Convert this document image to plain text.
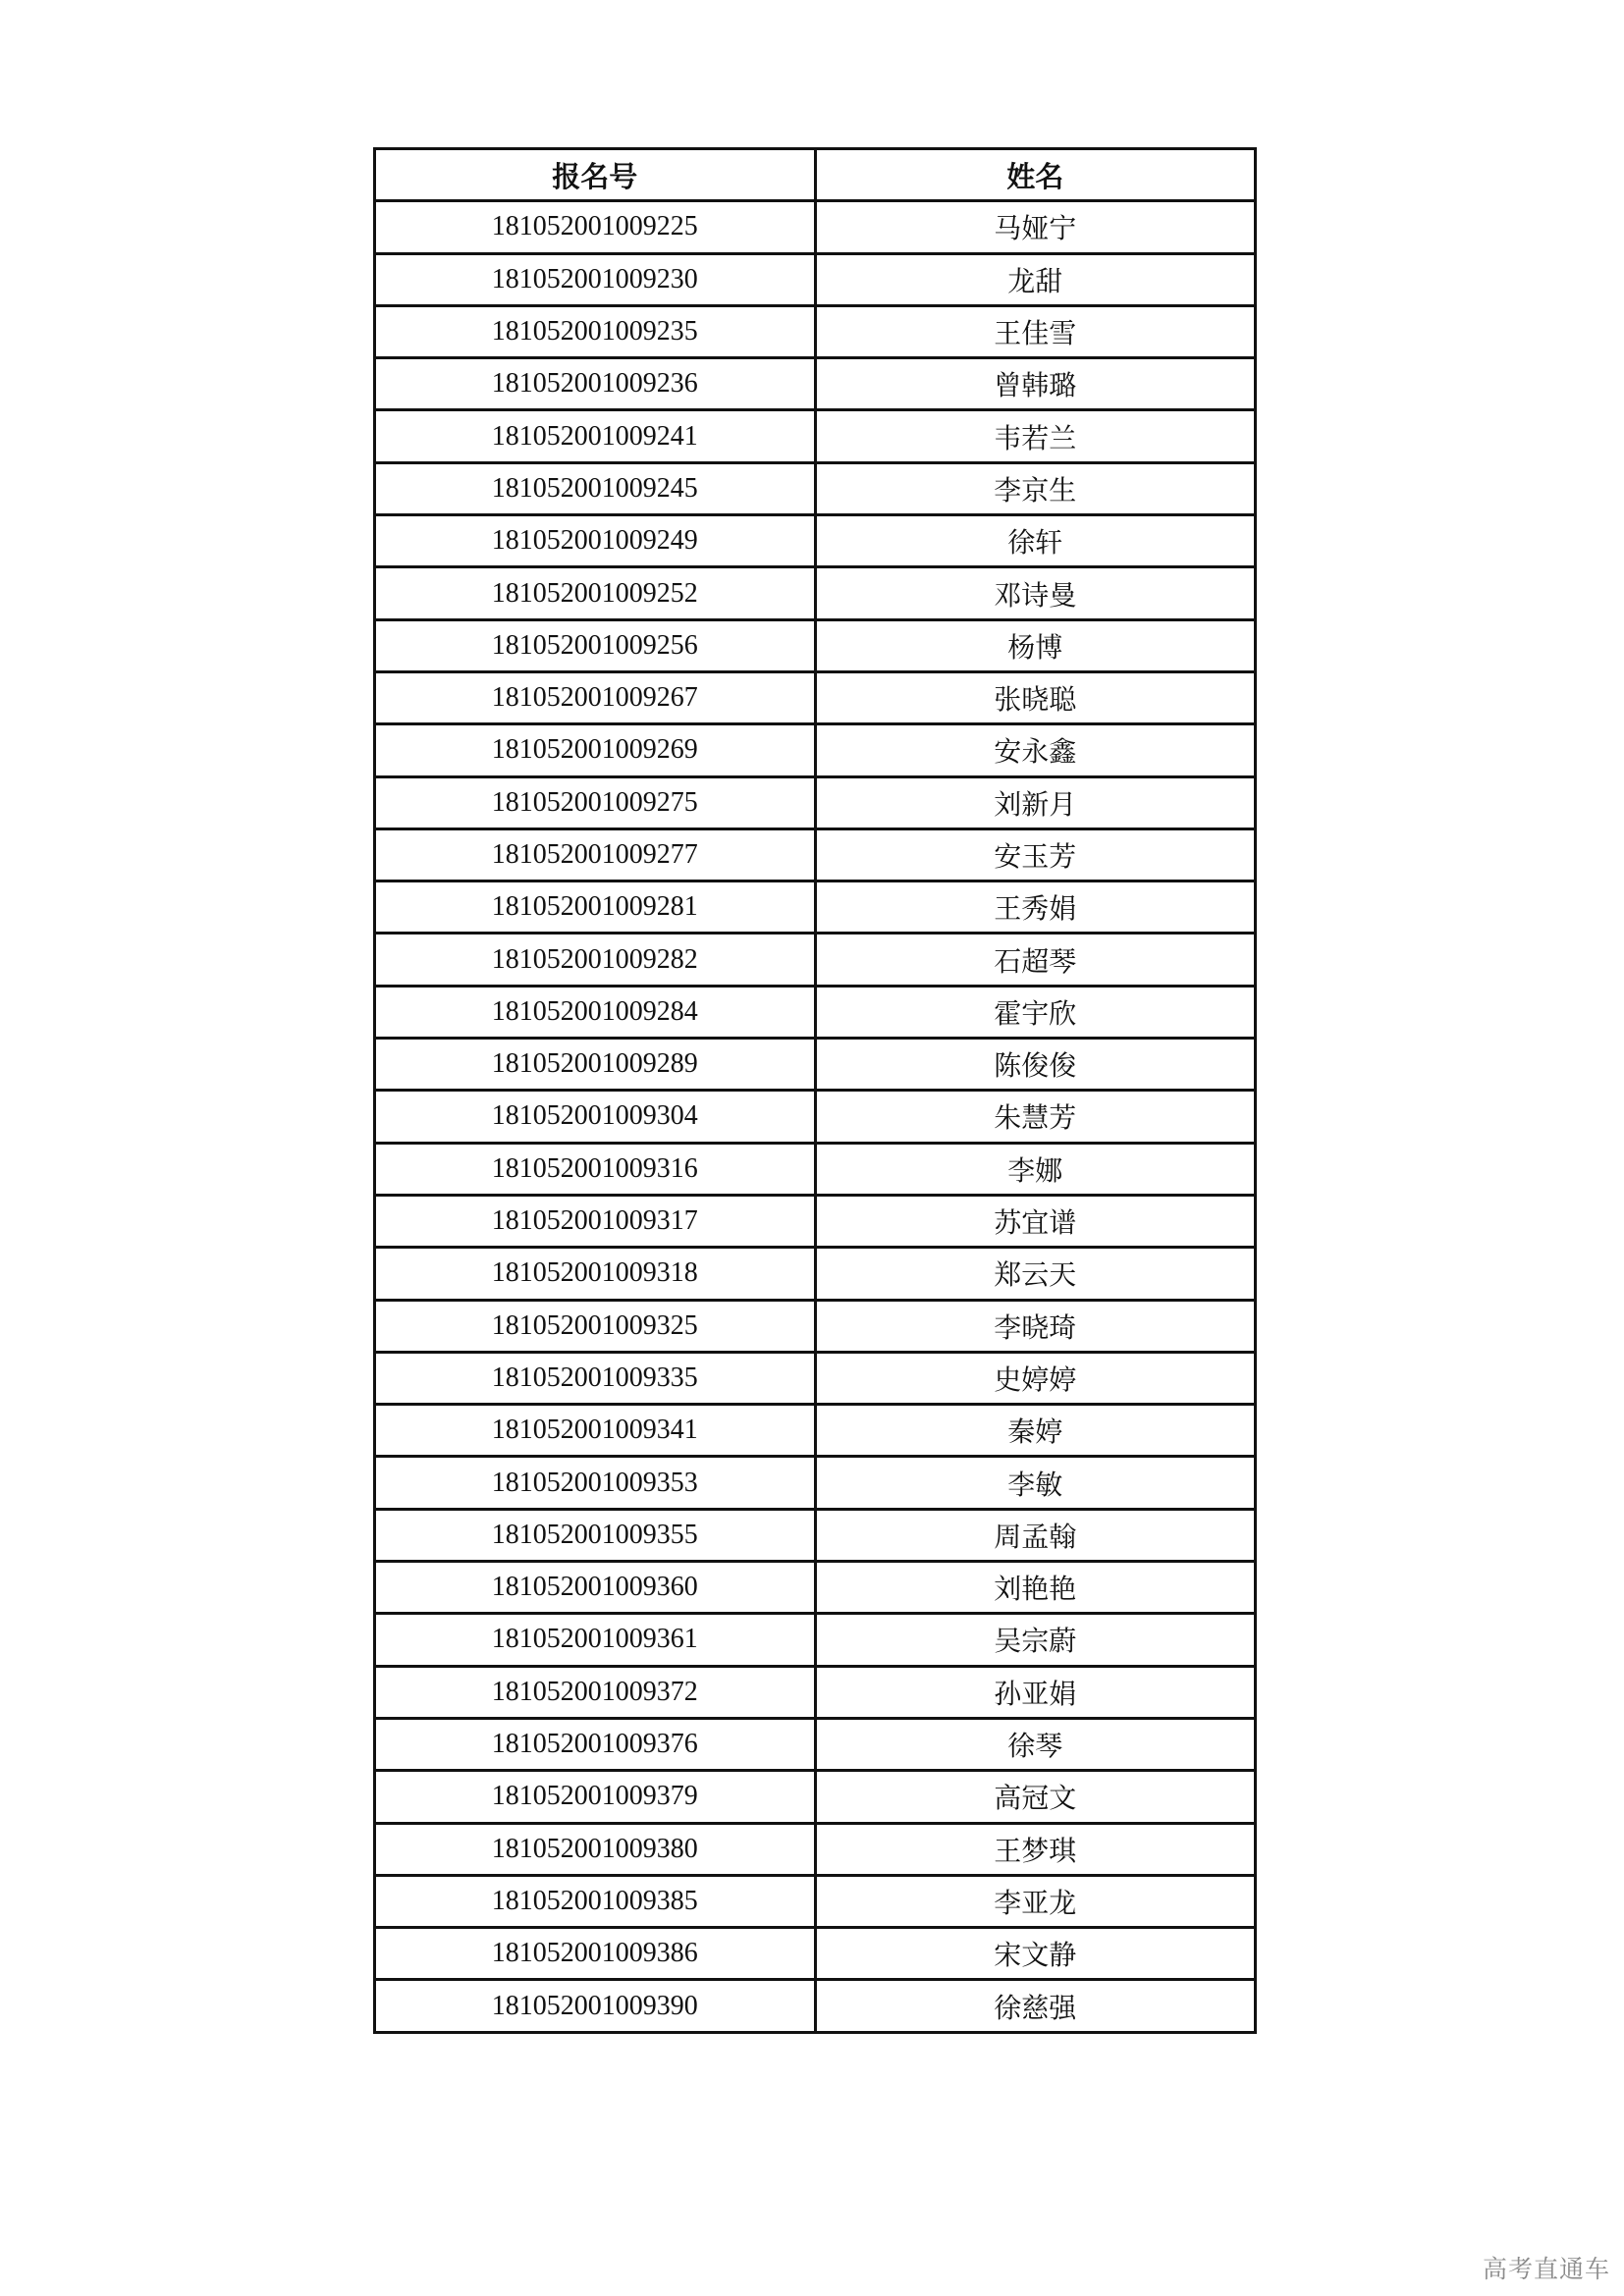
报名号	姓名
181052001009225	马娅宁
181052001009230	龙甜
181052001009235	王佳雪
181052001009236	曾韩璐
181052001009241	韦若兰
181052001009245	李京生
181052001009249	徐轩
181052001009252	邓诗曼
181052001009256	杨博
181052001009267	张晓聪
181052001009269	安永鑫
181052001009275	刘新月
181052001009277	安玉芳
181052001009281	王秀娟
181052001009282	石超琴
181052001009284	霍宇欣
181052001009289	陈俊俊
181052001009304	朱慧芳
181052001009316	李娜
181052001009317	苏宜谱
181052001009318	郑云天
181052001009325	李晓琦
181052001009335	史婷婷
181052001009341	秦婷
181052001009353	李敏
181052001009355	周孟翰
181052001009360	刘艳艳
181052001009361	吴宗蔚
181052001009372	孙亚娟
181052001009376	徐琴
181052001009379	高冠文
181052001009380	王梦琪
181052001009385	李亚龙
181052001009386	宋文静
181052001009390	徐慈强
高考直通车
